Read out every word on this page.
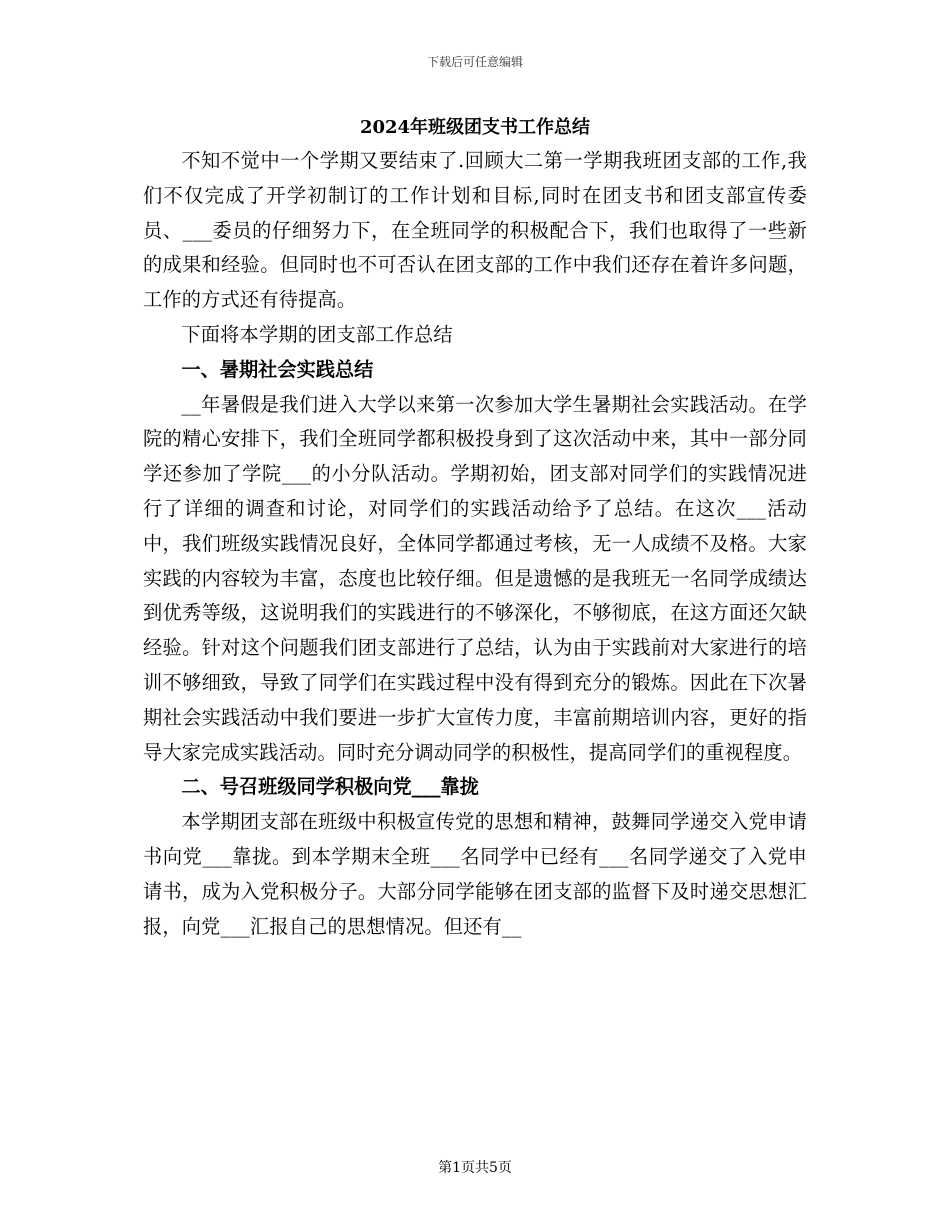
下载后可任意编辑
2024年班级团支书工作总结

不知不觉中一个学期又要结束了.回顾大二第一学期我班团支部的工作,我们不仅完成了开学初制订的工作计划和目标,同时在团支书和团支部宣传委员、___委员的仔细努力下，在全班同学的积极配合下，我们也取得了一些新的成果和经验。但同时也不可否认在团支部的工作中我们还存在着许多问题，工作的方式还有待提高。

下面将本学期的团支部工作总结

一、暑期社会实践总结

__年暑假是我们进入大学以来第一次参加大学生暑期社会实践活动。在学院的精心安排下，我们全班同学都积极投身到了这次活动中来，其中一部分同学还参加了学院___的小分队活动。学期初始，团支部对同学们的实践情况进行了详细的调查和讨论，对同学们的实践活动给予了总结。在这次___活动中，我们班级实践情况良好，全体同学都通过考核，无一人成绩不及格。大家实践的内容较为丰富，态度也比较仔细。但是遗憾的是我班无一名同学成绩达到优秀等级，这说明我们的实践进行的不够深化，不够彻底，在这方面还欠缺经验。针对这个问题我们团支部进行了总结，认为由于实践前对大家进行的培训不够细致，导致了同学们在实践过程中没有得到充分的锻炼。因此在下次暑期社会实践活动中我们要进一步扩大宣传力度，丰富前期培训内容，更好的指导大家完成实践活动。同时充分调动同学的积极性，提高同学们的重视程度。

二、号召班级同学积极向党___靠拢

本学期团支部在班级中积极宣传党的思想和精神，鼓舞同学递交入党申请书向党___靠拢。到本学期末全班___名同学中已经有___名同学递交了入党申请书，成为入党积极分子。大部分同学能够在团支部的监督下及时递交思想汇报，向党___汇报自己的思想情况。但还有__

第1页共5页
